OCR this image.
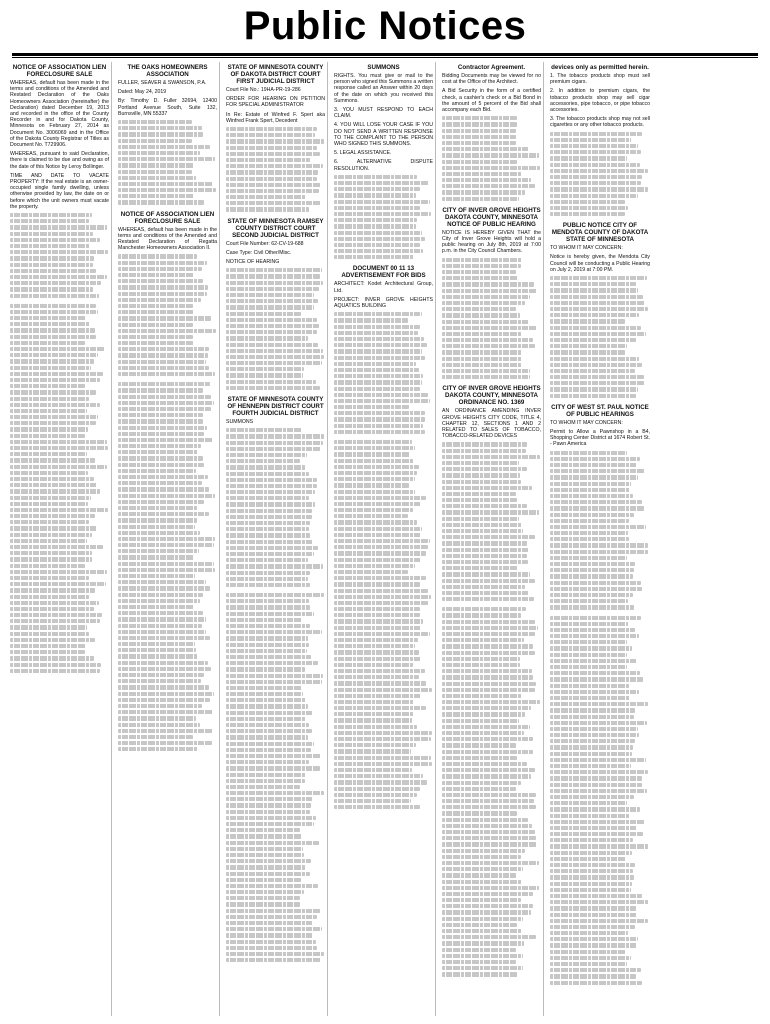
Public Notices
NOTICE OF ASSOCIATION LIEN FORECLOSURE SALE
WHEREAS, default has been made in the terms and conditions of the Amended and Restated Declaration of the Oaks Homeowners Association (hereinafter) the Declaration) dated December 19, 2013 and recorded in the office of the County Recorder in and for Dakota County, Minnesota on February 27, 2014 as Document No. 3006069 and in the Office of the Dakota County Registrar of Titles as Document No. T729906.
WHEREAS, pursuant to said Declaration, there is claimed to be due and owing as of the date of this Notice by Leroy Bollinger.
TIME AND DATE TO VACATE PROPERTY: If the real estate is an owner-occupied single family dwelling, unless otherwise provided by law, the date on or before which the unit owners must vacate the property.
THE OAKS HOMEOWNERS ASSOCIATION
FULLER, SEAVER & SWANSON, P.A.
Dated: May 24, 2019
By: Timothy D. Fuller 32694, 12400 Portland Avenue South, Suite 132, Burnsville, MN 55337
NOTICE OF ASSOCIATION LIEN FORECLOSURE SALE
WHEREAS, default has been made in the terms and conditions of the Amended and Restated Declaration of Regatta Manchester Homeowners Association II.
STATE OF MINNESOTA COUNTY OF DAKOTA DISTRICT COURT FIRST JUDICIAL DISTRICT
Court File No.: 19HA-PR-19-286
ORDER FOR HEARING ON PETITION FOR SPECIAL ADMINISTRATOR
In Re: Estate of Winfred F. Spert aka Winfred Frank Spert, Decedent
STATE OF MINNESOTA RAMSEY COUNTY DISTRICT COURT SECOND JUDICIAL DISTRICT
Court File Number: 62-CV-19-688
Case Type: Civil Other/Misc.
NOTICE OF HEARING
STATE OF MINNESOTA COUNTY OF HENNEPIN DISTRICT COURT FOURTH JUDICIAL DISTRICT
SUMMONS
SUMMONS
RIGHTS. You must give or mail to the person who signed this Summons a written response called an Answer within 20 days of the date on which you received this Summons.
3. YOU MUST RESPOND TO EACH CLAIM.
4. YOU WILL LOSE YOUR CASE IF YOU DO NOT SEND A WRITTEN RESPONSE TO THE COMPLAINT TO THE PERSON WHO SIGNED THIS SUMMONS.
5. LEGAL ASSISTANCE.
6. ALTERNATIVE DISPUTE RESOLUTION.
DOCUMENT 00 11 13 ADVERTISEMENT FOR BIDS
ARCHITECT: Kodet Architectural Group, Ltd.
PROJECT: INVER GROVE HEIGHTS AQUATICS BUILDING
Contractor Agreement.
Bidding Documents may be viewed for no cost at the Office of the Architect.
A Bid Security in the form of a certified check, a cashier's check or a Bid Bond in the amount of 5 percent of the Bid shall accompany each Bid.
CITY OF INVER GROVE HEIGHTS DAKOTA COUNTY, MINNESOTA NOTICE OF PUBLIC HEARING
NOTICE IS HEREBY GIVEN THAT the City of Inver Grove Heights will hold a public hearing on July 8th, 2019 at 7:00 p.m. in the City Council Chambers.
CITY OF INVER GROVE HEIGHTS DAKOTA COUNTY, MINNESOTA ORDINANCE NO. 1369
AN ORDINANCE AMENDING INVER GROVE HEIGHTS CITY CODE, TITLE 4, CHAPTER 12, SECTIONS 1 AND 2 RELATED TO SALES OF TOBACCO, TOBACCO-RELATED DEVICES
devices only as permitted herein.
1. The tobacco products shop must sell premium cigars.
2. In addition to premium cigars, the tobacco products shop may sell cigar accessories, pipe tobacco, or pipe tobacco accessories.
3. The tobacco products shop may not sell cigarettes or any other tobacco products.
PUBLIC NOTICE CITY OF MENDOTA COUNTY OF DAKOTA STATE OF MINNESOTA
TO WHOM IT MAY CONCERN:
Notice is hereby given, the Mendota City Council will be conducting a Public Hearing on July 2, 2019 at 7:00 PM.
CITY OF WEST ST. PAUL NOTICE OF PUBLIC HEARINGS
TO WHOM IT MAY CONCERN:
Permit to Allow a Pawnshop in a B4, Shopping Center District at 1674 Robert St. - Pawn America
